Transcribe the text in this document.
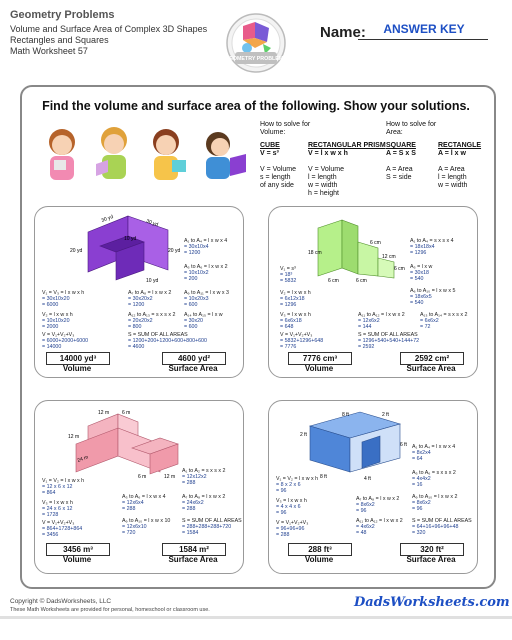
Geometry Problems
Volume and Surface Area of Complex 3D Shapes
Rectangles and Squares
Math Worksheet 57
GEOMETRY PROBLEMS
Name:	ANSWER KEY
Find the volume and surface area of the following. Show your solutions.
How to solve for Volume:
CUBE
V = s³
V = Volume
s = length
of any side
RECTANGULAR PRISM
V = l x w x h
V = Volume
l = length
w = width
h = height
How to solve for Area:
SQUARE
A = S x S
A = Area
S = side
RECTANGLE
A = l x w
A = Area
l = length
w = width
30 yd
20 yd
10 yd
30 yd
10 yd
20 yd
A₁ to A₄ = l x w x 4
= 30x10x4
= 1200
A₅ to A₆ = l x w x 2
= 10x10x2
= 200
V₁ = V₃ = l x w x h
= 30x10x20
= 6000
A₇ to A₈ = l x w x 2
= 30x20x2
= 1200
A₉ to A₁₁ = l x w x 3
= 10x20x3
= 600
V₂ = l x w x h
= 10x10x20
= 2000
A₁₂ to A₁₃ = s x s x 2
= 20x20x2
= 800
A₁₄ to A₁₅ = l x w
= 30x20
= 600
V = V₁+V₂+V₃
= 6000+2000+6000
= 14000
S = SUM OF ALL AREAS
= 1200+200+1200+600+800+600
= 4600
14000 yd³	4600 yd²
Volume	Surface Area
6 cm
12 cm
18 cm
6 cm
6 cm
6 cm
A₁ to A₄ = s x s x 4
= 18x18x4
= 1296
A₅ = l x w
= 30x18
= 540
V₁ = s³
= 18³
= 5832
A₆ to A₁₀ = l x w x 5
= 18x6x5
= 540
V₂ = l x w x h
= 6x12x18
= 1296
V₃ = l x w x h
= 6x6x18
= 648
A₁₁ to A₁₂ = l x w x 2
= 12x6x2
= 144
A₁₃ to A₁₄ = s x s x 2
= 6x6x2
= 72
V = V₁+V₂+V₃
= 5832+1296+648
= 7776
S = SUM OF ALL AREAS
= 1296+540+540+144+72
= 2592
7776 cm³	2592 cm²
Volume	Surface Area
12 m	6 m
12 m
24 m
12 m
6 m
A₁ to A₂ = s x s x 2
= 12x12x2
= 288
V₁ = V₂ = l x w x h
= 12 x 6 x 12
= 864
A₃ to A₆ = l x w x 4
= 12x6x4
= 288
A₇ to A₈ = l x w x 2
= 24x6x2
= 288
V₃ = l x w x h
= 24 x 6 x 12
= 1728
A₉ to A₁₀ = l x w x 10
= 12x6x10
= 720
S = SUM OF ALL AREAS
= 288+288+288+720
= 1584
V = V₁+V₂+V₃
= 864+1728+864
= 3456
3456 m³	1584 m²
Volume	Surface Area
8 ft	2 ft
2 ft
4 ft
6 ft
8 ft
A₁ to A₄ = l x w x 4
= 8x2x4
= 64
V₁ = V₂ = l x w x h
= 8 x 2 x 6
= 96
A₅ to A₆ = s x s x 2
= 4x4x2
= 16
V₃ = l x w x h
= 4 x 4 x 6
= 96
A₇ to A₈ = l x w x 2
= 8x6x2
= 96
A₉ to A₁₀ = l x w x 2
= 8x6x2
= 96
V = V₁+V₂+V₃
= 96+96+96
= 288
A₁₁ to A₁₂ = l x w x 2
= 4x6x2
= 48
S = SUM OF ALL AREAS
= 64+16+96+96+48
= 320
288 ft³	320 ft²
Volume	Surface Area
Copyright © DadsWorksheets, LLC
These Math Worksheets are provided for personal, homeschool or classroom use.	DadsWorksheets.com
